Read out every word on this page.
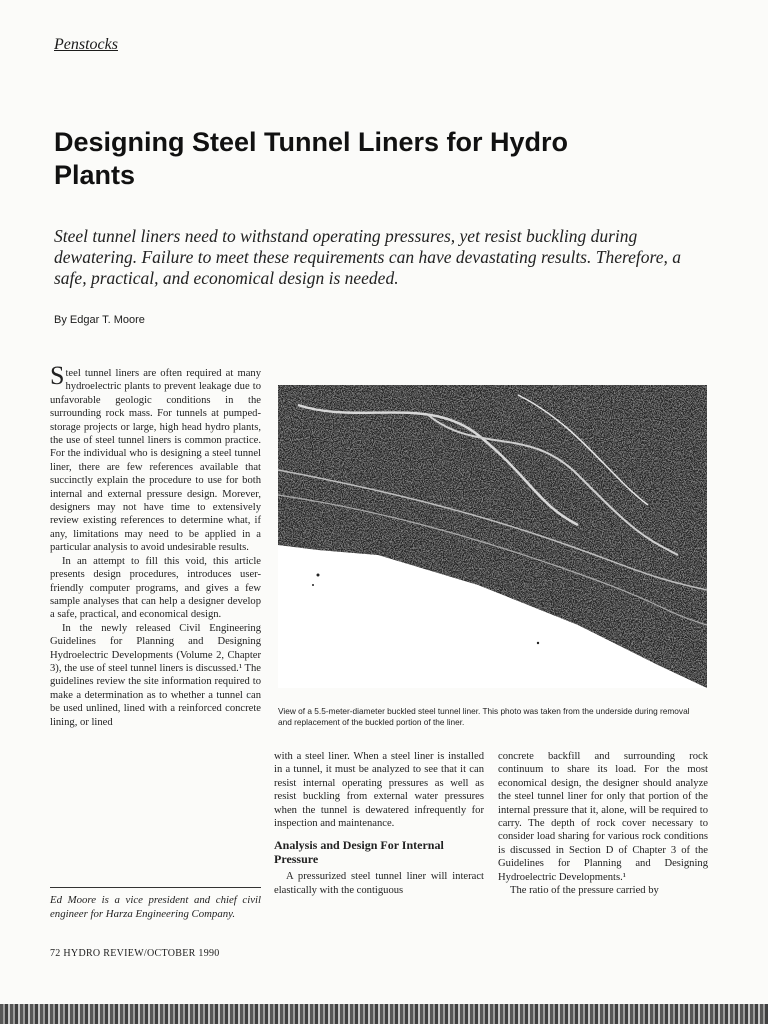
Penstocks
Designing Steel Tunnel Liners for Hydro Plants

Steel tunnel liners need to withstand operating pressures, yet resist buckling during dewatering. Failure to meet these requirements can have devastating results. Therefore, a safe, practical, and economical design is needed.

By Edgar T. Moore

Steel tunnel liners are often required at many hydroelectric plants to prevent leakage due to unfavorable geologic conditions in the surrounding rock mass. For tunnels at pumped-storage projects or large, high head hydro plants, the use of steel tunnel liners is common practice. For the individual who is designing a steel tunnel liner, there are few references available that succinctly explain the procedure to use for both internal and external pressure design. Morever, designers may not have time to extensively review existing references to determine what, if any, limitations may need to be applied in a particular analysis to avoid undesirable results.

In an attempt to fill this void, this article presents design procedures, introduces user-friendly computer programs, and gives a few sample analyses that can help a designer develop a safe, practical, and economical design.

In the newly released Civil Engineering Guidelines for Planning and Designing Hydroelectric Developments (Volume 2, Chapter 3), the use of steel tunnel liners is discussed.¹ The guidelines review the site information required to make a determination as to whether a tunnel can be used unlined, lined with a reinforced concrete lining, or lined

Ed Moore is a vice president and chief civil engineer for Harza Engineering Company.
View of a 5.5-meter-diameter buckled steel tunnel liner. This photo was taken from the underside during removal and replacement of the buckled portion of the liner.

with a steel liner. When a steel liner is installed in a tunnel, it must be analyzed to see that it can resist internal operating pressures as well as resist buckling from external water pressures when the tunnel is dewatered infrequently for inspection and maintenance.

Analysis and Design For Internal Pressure

A pressurized steel tunnel liner will interact elastically with the contiguous

concrete backfill and surrounding rock continuum to share its load. For the most economical design, the designer should analyze the steel tunnel liner for only that portion of the internal pressure that it, alone, will be required to carry. The depth of rock cover necessary to consider load sharing for various rock conditions is discussed in Section D of Chapter 3 of the Guidelines for Planning and Designing Hydroelectric Developments.¹

The ratio of the pressure carried by

72 HYDRO REVIEW/OCTOBER 1990
